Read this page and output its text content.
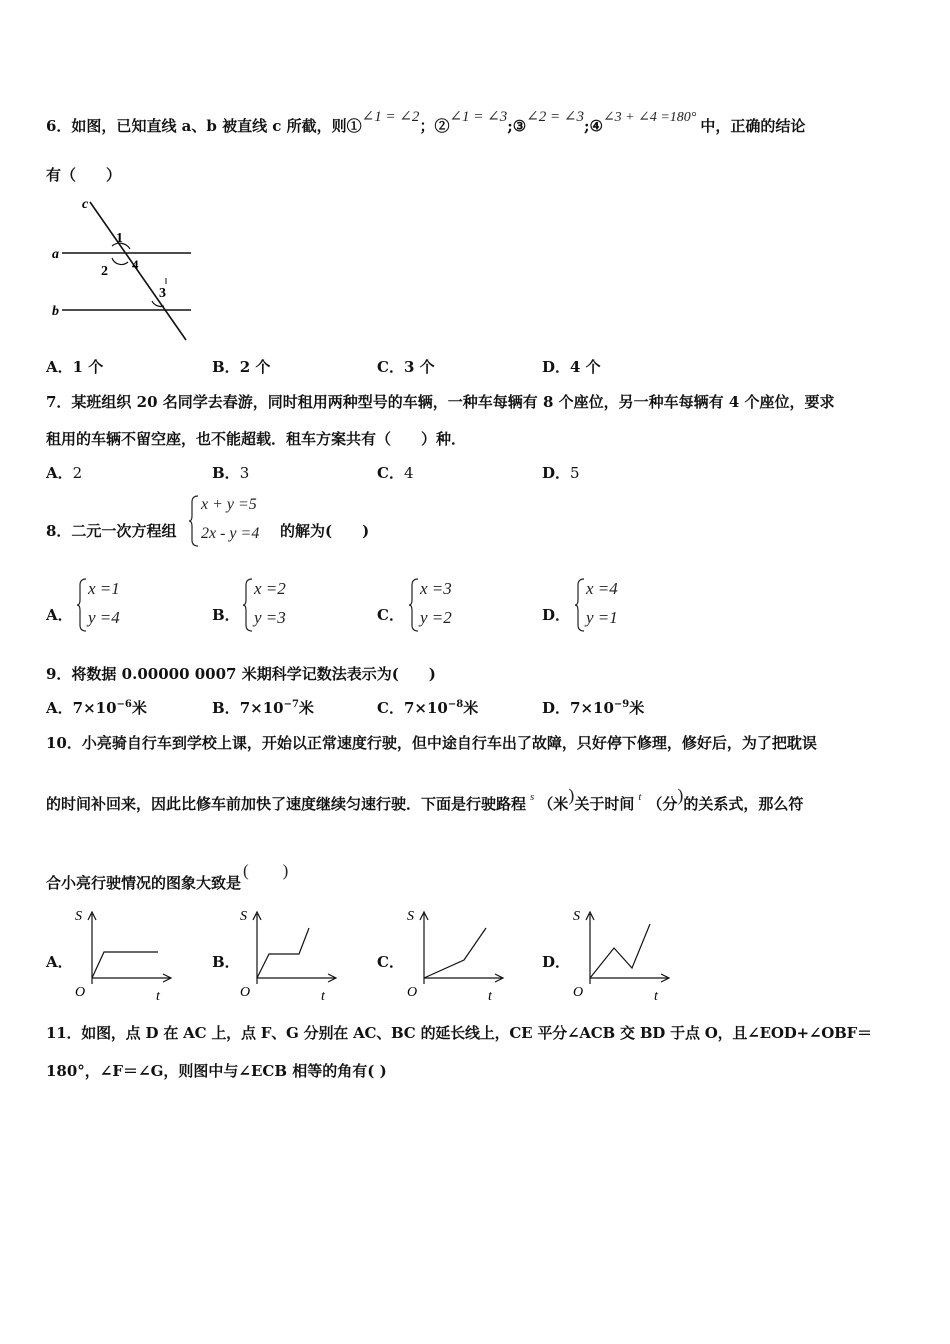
6．如图，已知直线 a、b 被直线 c 所截，则①∠1 = ∠2；②∠1 = ∠3;③∠2 = ∠3;④∠3 + ∠4 =180° 中，正确的结论
有（　　）
c
a
b
1
2 4
3
A．1 个	B．2 个	C．3 个	D．4 个
7．某班组织 20 名同学去春游，同时租用两种型号的车辆，一种车每辆有 8 个座位，另一种车每辆有 4 个座位，要求
租用的车辆不留空座，也不能超载．租车方案共有（　　）种．
A．2	B．3	C．4	D．5
8．二元一次方程组
x + y =5
2x - y =4 的解为(　　)
A．
x =1
y =4	B．
x =2
y =3	C．
x =3
y =2	D．
x =4
y =1
9．将数据 0.00000 0007 米期科学记数法表示为(　　)
A．$7\times 10^{-6}$米	B．$7\times 10^{-7}$米	C．$7\times 10^{-8}$米	D．$7\times 10^{-9}$米
10．小亮骑自行车到学校上课，开始以正常速度行驶，但中途自行车出了故障，只好停下修理，修好后，为了把耽误
的时间补回来，因此比修车前加快了速度继续匀速行驶．下面是行驶路程 $^s$ （米)关于时间 $^t$ （分)的关系式，那么符
合小亮行驶情况的图象大致是(　　)
A．
S
O	t
B．
S
O	t
C．
S
O	t
D．
S
O	t
11．如图，点 D 在 AC 上，点 F、G 分别在 AC、BC 的延长线上，CE 平分∠ACB 交 BD 于点 O，且∠EOD+∠OBF＝
180°，∠F＝∠G，则图中与∠ECB 相等的角有( )
